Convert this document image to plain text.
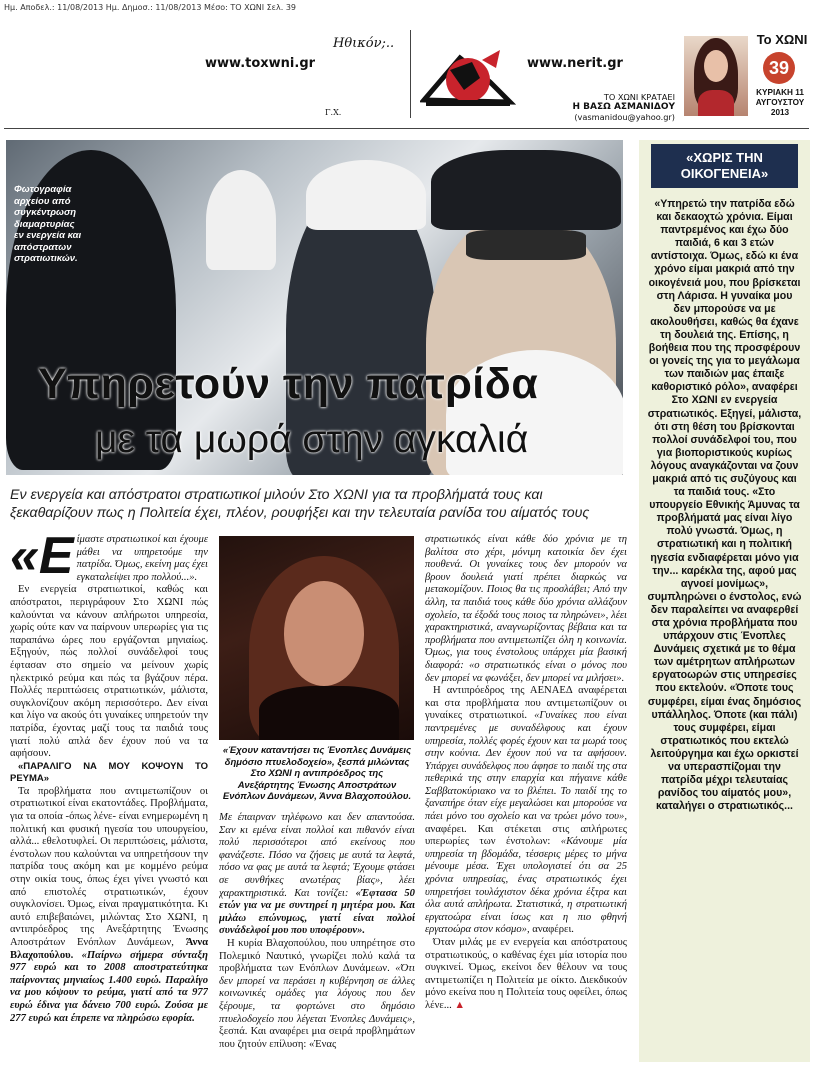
Ημ. Αποδελ.: 11/08/2013 Ημ. Δημοσ.: 11/08/2013 Μέσο: ΤΟ ΧΩΝΙ Σελ. 39
www.toxwni.gr
Ηθικόν;..
Γ.Χ.
www.nerit.gr
ΤΟ ΧΩΝΙ ΚΡΑΤΑΕΙ
Η ΒΑΣΩ ΑΣΜΑΝΙΔΟΥ
(vasmanidou@yahoo.gr)
Το ΧΩΝΙ
39
ΚΥΡΙΑΚΗ 11
ΑΥΓΟΥΣΤΟΥ
2013
Φωτογραφία
αρχείου από
συγκέντρωση
διαμαρτυρίας
εν ενεργεία και
απόστρατων
στρατιωτικών.
Υπηρετούν την πατρίδα
με τα μωρά στην αγκαλιά
Εν ενεργεία και απόστρατοι στρατιωτικοί μιλούν Στο ΧΩΝΙ για τα προβλήματά τους και ξεκαθαρίζουν πως η Πολιτεία έχει, πλέον, ρουφήξει και την τελευταία ρανίδα του αίματός τους

«Ε ίμαστε στρατιωτικοί και έχουμε μάθει να υπηρετούμε την πατρίδα. Όμως, εκείνη μας έχει εγκαταλείψει προ πολλού...».

Εν ενεργεία στρατιωτικοί, καθώς και απόστρατοι, περιγράφουν Στο ΧΩΝΙ πώς καλούνται να κάνουν απλήρωτοι υπηρεσία, χωρίς ούτε καν να παίρνουν υπερωρίες για τις παραπάνω ώρες που εργάζονται μηνιαίως. Εξηγούν, πώς πολλοί συνάδελφοί τους έφτασαν στο σημείο να μείνουν χωρίς ηλεκτρικό ρεύμα και πώς τα βγάζουν πέρα. Πολλές περιπτώσεις στρατιωτικών, μάλιστα, συγκλονίζουν ακόμη περισσότερο. Δεν είναι και λίγο να ακούς ότι γυναίκες υπηρετούν την πατρίδα, έχοντας μαζί τους τα παιδιά τους γιατί πολύ απλά δεν έχουν πού να τα αφήσουν.

«ΠΑΡΑΛΙΓΟ ΝΑ ΜΟΥ ΚΟΨΟΥΝ ΤΟ ΡΕΥΜΑ»

Τα προβλήματα που αντιμετωπίζουν οι στρατιωτικοί είναι εκατοντάδες. Προβλήματα, για τα οποία -όπως λένε- είναι ενημερωμένη η πολιτική και φυσική ηγεσία του υπουργείου, αλλά... εθελοτυφλεί. Οι περιπτώσεις, μάλιστα, ένστολων που καλούνται να υπηρετήσουν την πατρίδα τους ακόμη και με κομμένο ρεύμα στην οικία τους, όπως έχει γίνει γνωστό και από επιστολές στρατιωτικών, έχουν συγκλονίσει. Όμως, είναι πραγματικότητα. Κι αυτό επιβεβαιώνει, μιλώντας Στο ΧΩΝΙ, η αντιπρόεδρος της Ανεξάρτητης Ένωσης Αποστράτων Ενόπλων Δυνάμεων, Άννα Βλαχοπούλου. «Παίρνω σήμερα σύνταξη 977 ευρώ και το 2008 αποστρατεύτηκα παίρνοντας μηνιαίως 1.400 ευρώ. Παραλίγο να μου κόψουν το ρεύμα, γιατί από τα 977 ευρώ έδινα για δάνειο 700 ευρώ. Ζούσα με 277 ευρώ και έπρεπε να πληρώσω εφορία.

«Έχουν καταντήσει τις Ένοπλες Δυνάμεις δημόσιο πτυελοδοχείο», ξεσπά μιλώντας Στο ΧΩΝΙ η αντιπρόεδρος της Ανεξάρτητης Ένωσης Αποστράτων Ενόπλων Δυνάμεων, Άννα Βλαχοπούλου.

Με έπαιρναν τηλέφωνο και δεν απαντούσα. Σαν κι εμένα είναι πολλοί και πιθανόν είναι πολύ περισσότεροι από εκείνους που φανάζεστε. Πόσο να ζήσεις με αυτά τα λεφτά, πόσο να φας με αυτά τα λεφτά; Έχουμε φτάσει σε συνθήκες ανωτέρας βίας», λέει χαρακτηριστικά. Και τονίζει: «Έφτασα 50 ετών για να με συντηρεί η μητέρα μου. Και μιλάω επώνυμως, γιατί είναι πολλοί συνάδελφοί μου που υποφέρουν».

Η κυρία Βλαχοπούλου, που υπηρέτησε στο Πολεμικό Ναυτικό, γνωρίζει πολύ καλά τα προβλήματα των Ενόπλων Δυνάμεων. «Ότι δεν μπορεί να περάσει η κυβέρνηση σε άλλες κοινωνικές ομάδες για λόγους που δεν ξέρουμε, τα φορτώνει στο δημόσιο πτυελοδοχείο που λέγεται Ένοπλες Δυνάμεις», ξεσπά. Και αναφέρει μια σειρά προβλημάτων που ζητούν επίλυση: «Ένας

στρατιωτικός είναι κάθε δύο χρόνια με τη βαλίτσα στο χέρι, μόνιμη κατοικία δεν έχει πουθενά. Οι γυναίκες τους δεν μπορούν να βρουν δουλειά γιατί πρέπει διαρκώς να μετακομίζουν. Ποιος θα τις προσλάβει; Από την άλλη, τα παιδιά τους κάθε δύο χρόνια αλλάζουν σχολείο, τα έξοδά τους ποιος τα πληρώνει», λέει χαρακτηριστικά, αναγνωρίζοντας βέβαια και τα προβλήματα που αντιμετωπίζει όλη η κοινωνία. Όμως, για τους ένστολους υπάρχει μία βασική διαφορά: «ο στρατιωτικός είναι ο μόνος που δεν μπορεί να φωνάξει, δεν μπορεί να μιλήσει».

Η αντιπρόεδρος της ΑΕΝΑΕΔ αναφέρεται και στα προβλήματα που αντιμετωπίζουν οι γυναίκες στρατιωτικοί. «Γυναίκες που είναι παντρεμένες με συναδέλφους και έχουν υπηρεσία, πολλές φορές έχουν και τα μωρά τους στην κούνια. Δεν έχουν πού να τα αφήσουν. Υπάρχει συνάδελφος που άφησε το παιδί της στα πεθερικά της στην επαρχία και πήγαινε κάθε Σαββατοκύριακο να το βλέπει. Το παιδί της το ξαναπήρε όταν είχε μεγαλώσει και μπορούσε να πάει μόνο του σχολείο και να τρώει μόνο του», αναφέρει. Και στέκεται στις απλήρωτες υπερωρίες των ένστολων: «Κάνουμε μία υπηρεσία τη βδομάδα, τέσσερις μέρες το μήνα μένουμε μέσα. Έχει υπολογιστεί ότι σα 25 χρόνια υπηρεσίας, ένας στρατιωτικός έχει υπηρετήσει τουλάχιστον δέκα χρόνια έξτρα και όλα αυτά απλήρωτα. Στατιστικά, η στρατιωτική εργατοώρα είναι ίσως και η πιο φθηνή εργατοώρα στον κόσμο», αναφέρει.

Όταν μιλάς με εν ενεργεία και απόστρατους στρατιωτικούς, ο καθένας έχει μία ιστορία που συγκινεί. Όμως, εκείνοι δεν θέλουν να τους αντιμετωπίζει η Πολιτεία με οίκτο. Διεκδικούν μόνο εκείνα που η Πολιτεία τους οφείλει, όπως λένε... ▲

«ΧΩΡΙΣ ΤΗΝ ΟΙΚΟΓΕΝΕΙΑ»
«Υπηρετώ την πατρίδα εδώ και δεκαοχτώ χρόνια. Είμαι παντρεμένος και έχω δύο παιδιά, 6 και 3 ετών αντίστοιχα. Όμως, εδώ κι ένα χρόνο είμαι μακριά από την οικογένειά μου, που βρίσκεται στη Λάρισα. Η γυναίκα μου δεν μπορούσε να με ακολουθήσει, καθώς θα έχανε τη δουλειά της. Επίσης, η βοήθεια που της προσφέρουν οι γονείς της για το μεγάλωμα των παιδιών μας έπαιξε καθοριστικό ρόλο», αναφέρει Στο ΧΩΝΙ εν ενεργεία στρατιωτικός. Εξηγεί, μάλιστα, ότι στη θέση του βρίσκονται πολλοί συνάδελφοί του, που για βιοποριστικούς κυρίως λόγους αναγκάζονται να ζουν μακριά από τις συζύγους και τα παιδιά τους. «Στο υπουργείο Εθνικής Άμυνας τα προβλήματά μας είναι λίγο πολύ γνωστά. Όμως, η στρατιωτική και η πολιτική ηγεσία ενδιαφέρεται μόνο για την... καρέκλα της, αφού μας αγνοεί μονίμως», συμπληρώνει ο ένστολος, ενώ δεν παραλείπει να αναφερθεί στα χρόνια προβλήματα που υπάρχουν στις Ένοπλες Δυνάμεις σχετικά με το θέμα των αμέτρητων απλήρωτων εργατοωρών στις υπηρεσίες που εκτελούν. «Όποτε τους συμφέρει, είμαι ένας δημόσιος υπάλληλος. Όποτε (και πάλι) τους συμφέρει, είμαι στρατιωτικός που εκτελώ λειτούργημα και έχω ορκιστεί να υπερασπίζομαι την πατρίδα μέχρι τελευταίας ρανίδος του αίματός μου», καταλήγει ο στρατιωτικός...
